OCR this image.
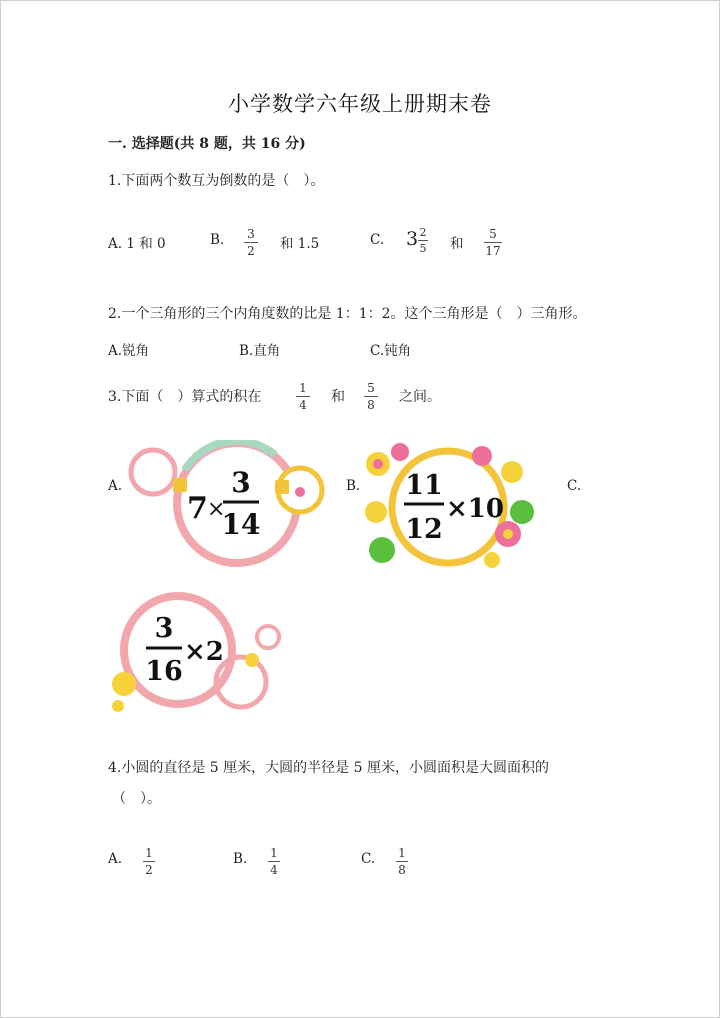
小学数学六年级上册期末卷
一. 选择题(共 8 题，共 16 分)
1.下面两个数互为倒数的是（　）。
A. 1 和 0	B. 3
2 和 1.5	C. 3 2
5 和
5
17
2.一个三角形的三个内角度数的比是 1：1：2。这个三角形是（　）三角形。
A.锐角	B.直角	C.钝角
3.下面（　）算式的积在
1
4 和
5
8 之间。
A.	B.	C.
7 ×
3
14
11
12
×10
3
16
×2
4.小圆的直径是 5 厘米，大圆的半径是 5 厘米，小圆面积是大圆面积的
（　）。
A. 1
2
B. 1
4
C. 1
8
